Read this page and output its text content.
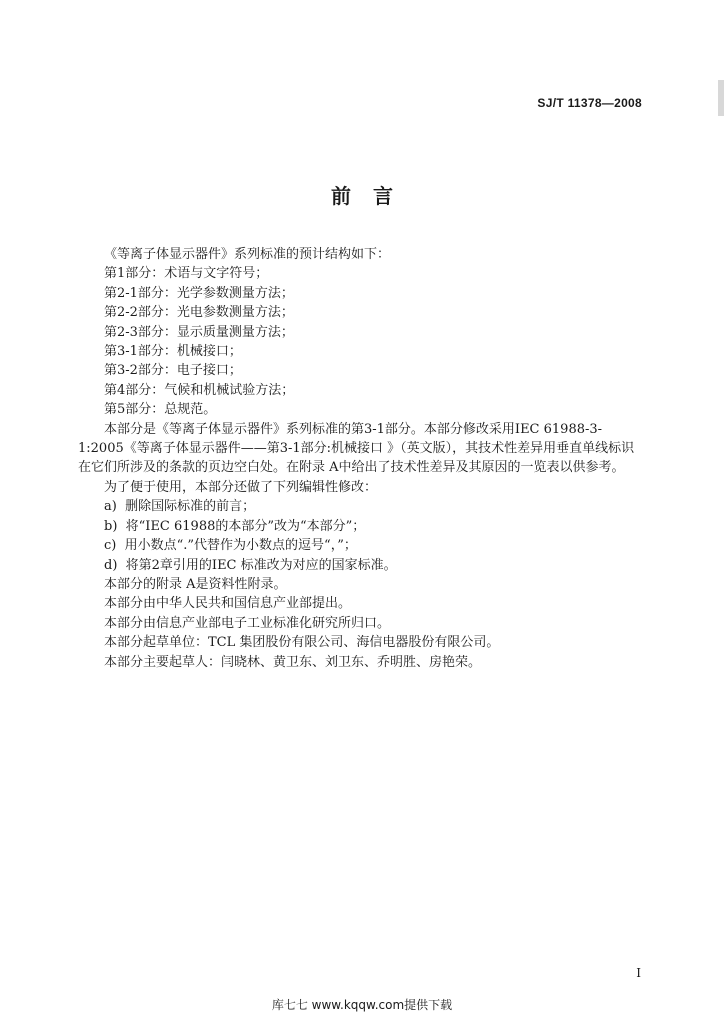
SJ/T 11378—2008
前言

《等离子体显示器件》系列标准的预计结构如下：

第1部分：术语与文字符号；

第2-1部分：光学参数测量方法；

第2-2部分：光电参数测量方法；

第2-3部分：显示质量测量方法；

第3-1部分：机械接口；

第3-2部分：电子接口；

第4部分：气候和机械试验方法；

第5部分：总规范。

本部分是《等离子体显示器件》系列标准的第3-1部分。本部分修改采用IEC 61988-3-1:2005《等离子体显示器件——第3-1部分:机械接口 》（英文版），其技术性差异用垂直单线标识在它们所涉及的条款的页边空白处。在附录 A中给出了技术性差异及其原因的一览表以供参考。

为了便于使用，本部分还做了下列编辑性修改：

a)  删除国际标准的前言；

b)  将“IEC 61988的本部分”改为“本部分”；

c)  用小数点“.”代替作为小数点的逗号“，”；

d)  将第2章引用的IEC 标准改为对应的国家标准。

本部分的附录 A是资料性附录。

本部分由中华人民共和国信息产业部提出。

本部分由信息产业部电子工业标准化研究所归口。

本部分起草单位：TCL 集团股份有限公司、海信电器股份有限公司。

本部分主要起草人：闫晓林、黄卫东、刘卫东、乔明胜、房艳荣。

I
库七七 www.kqqw.com提供下载
